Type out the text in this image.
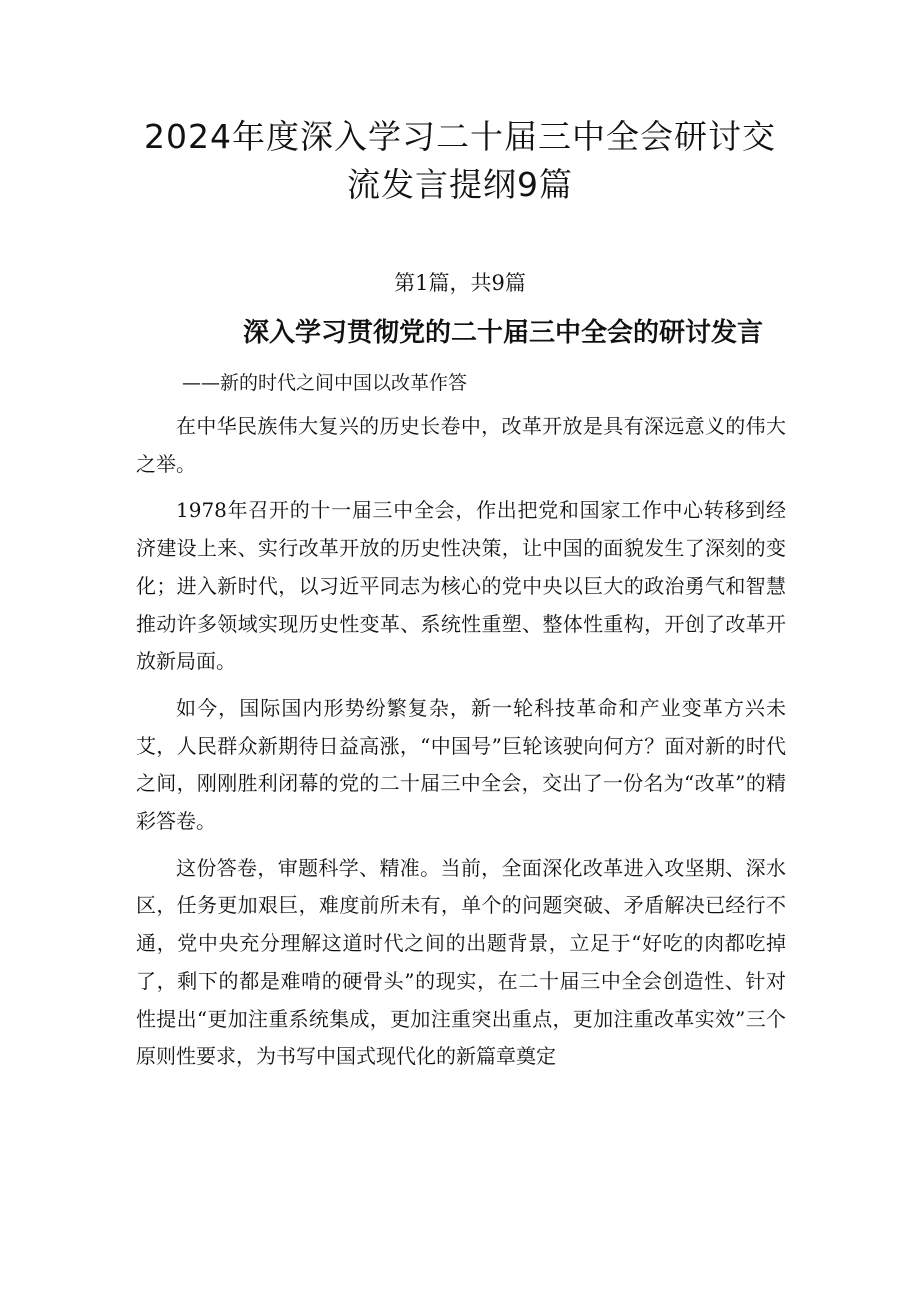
2024年度深入学习二十届三中全会研讨交
流发言提纲9篇
第1篇，共9篇
深入学习贯彻党的二十届三中全会的研讨发言
——新的时代之间中国以改革作答

在中华民族伟大复兴的历史长卷中，改革开放是具有深远意义的伟大之举。

1978年召开的十一届三中全会，作出把党和国家工作中心转移到经济建设上来、实行改革开放的历史性决策，让中国的面貌发生了深刻的变化；进入新时代，以习近平同志为核心的党中央以巨大的政治勇气和智慧推动许多领域实现历史性变革、系统性重塑、整体性重构，开创了改革开放新局面。

如今，国际国内形势纷繁复杂，新一轮科技革命和产业变革方兴未艾，人民群众新期待日益高涨，“中国号”巨轮该驶向何方？面对新的时代之间，刚刚胜利闭幕的党的二十届三中全会，交出了一份名为“改革”的精彩答卷。

这份答卷，审题科学、精准。当前，全面深化改革进入攻坚期、深水区，任务更加艰巨，难度前所未有，单个的问题突破、矛盾解决已经行不通，党中央充分理解这道时代之间的出题背景，立足于“好吃的肉都吃掉了，剩下的都是难啃的硬骨头”的现实，在二十届三中全会创造性、针对性提出“更加注重系统集成，更加注重突出重点，更加注重改革实效”三个原则性要求，为书写中国式现代化的新篇章奠定
